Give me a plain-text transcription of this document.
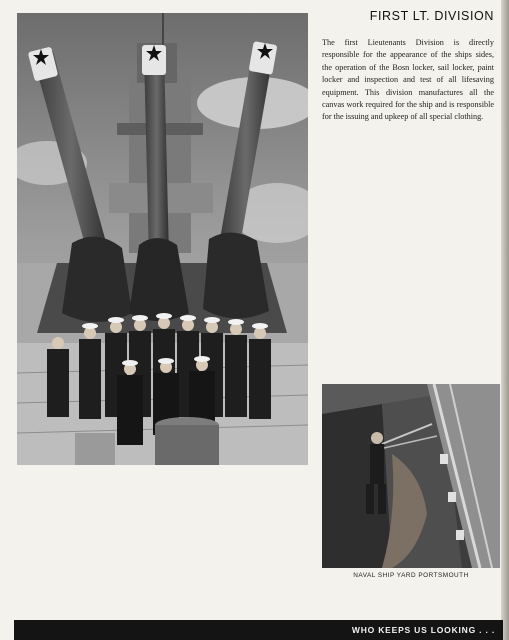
FIRST LT. DIVISION
The first Lieutenants Division is directly responsible for the appearance of the ships sides, the operation of the Bosn locker, sail locker, paint locker and inspection and test of all lifesaving equipment. This division manufactures all the canvas work required for the ship and is responsible for the issuing and upkeep of all special clothing.
NAVAL SHIP YARD PORTSMOUTH
WHO KEEPS US LOOKING . . .
